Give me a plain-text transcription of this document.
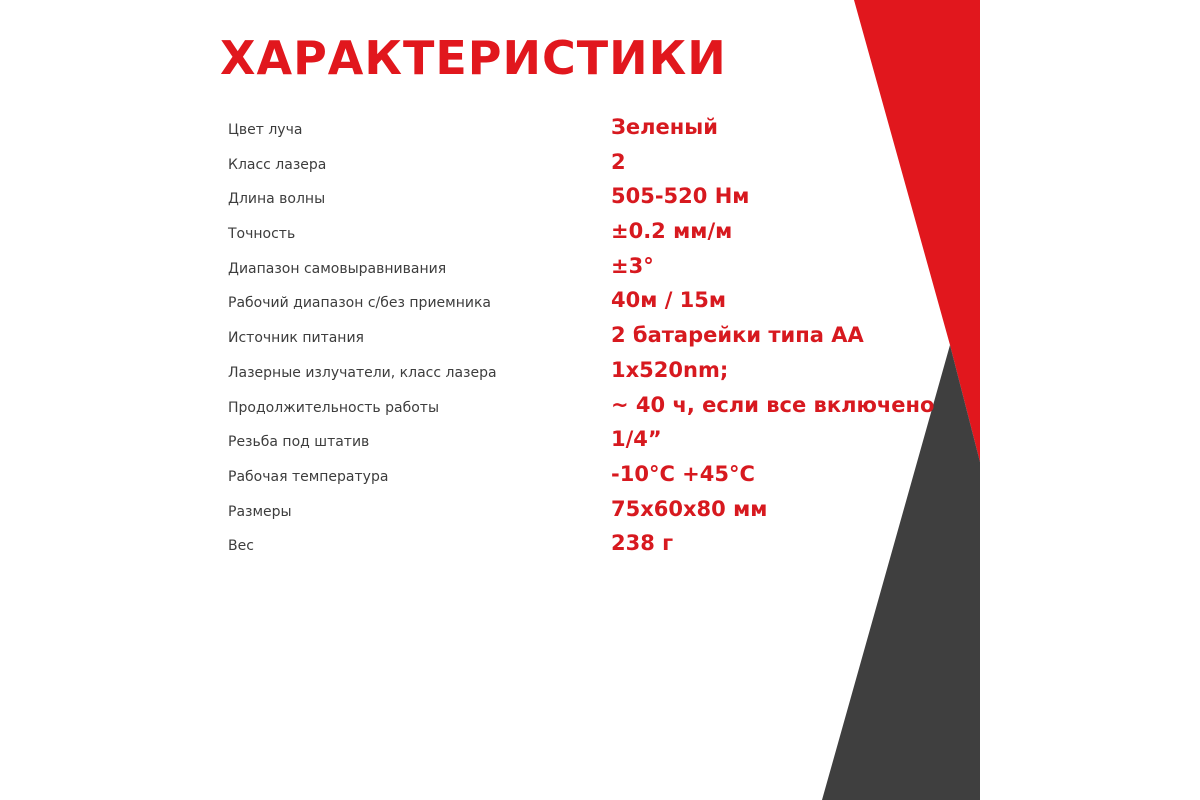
ХАРАКТЕРИСТИКИ
Цвет луча	Зеленый
Класс лазера	2
Длина волны	505-520 Нм
Точность	±0.2 мм/м
Диапазон самовыравнивания	±3°
Рабочий диапазон с/без приемника	40м / 15м
Источник питания	2 батарейки типа АА
Лазерные излучатели, класс лазера	1x520nm;
Продолжительность работы	~ 40 ч, если все включено
Резьба под штатив	1/4”
Рабочая температура	-10°C +45°C
Размеры	75x60x80 мм
Вес	238 г
